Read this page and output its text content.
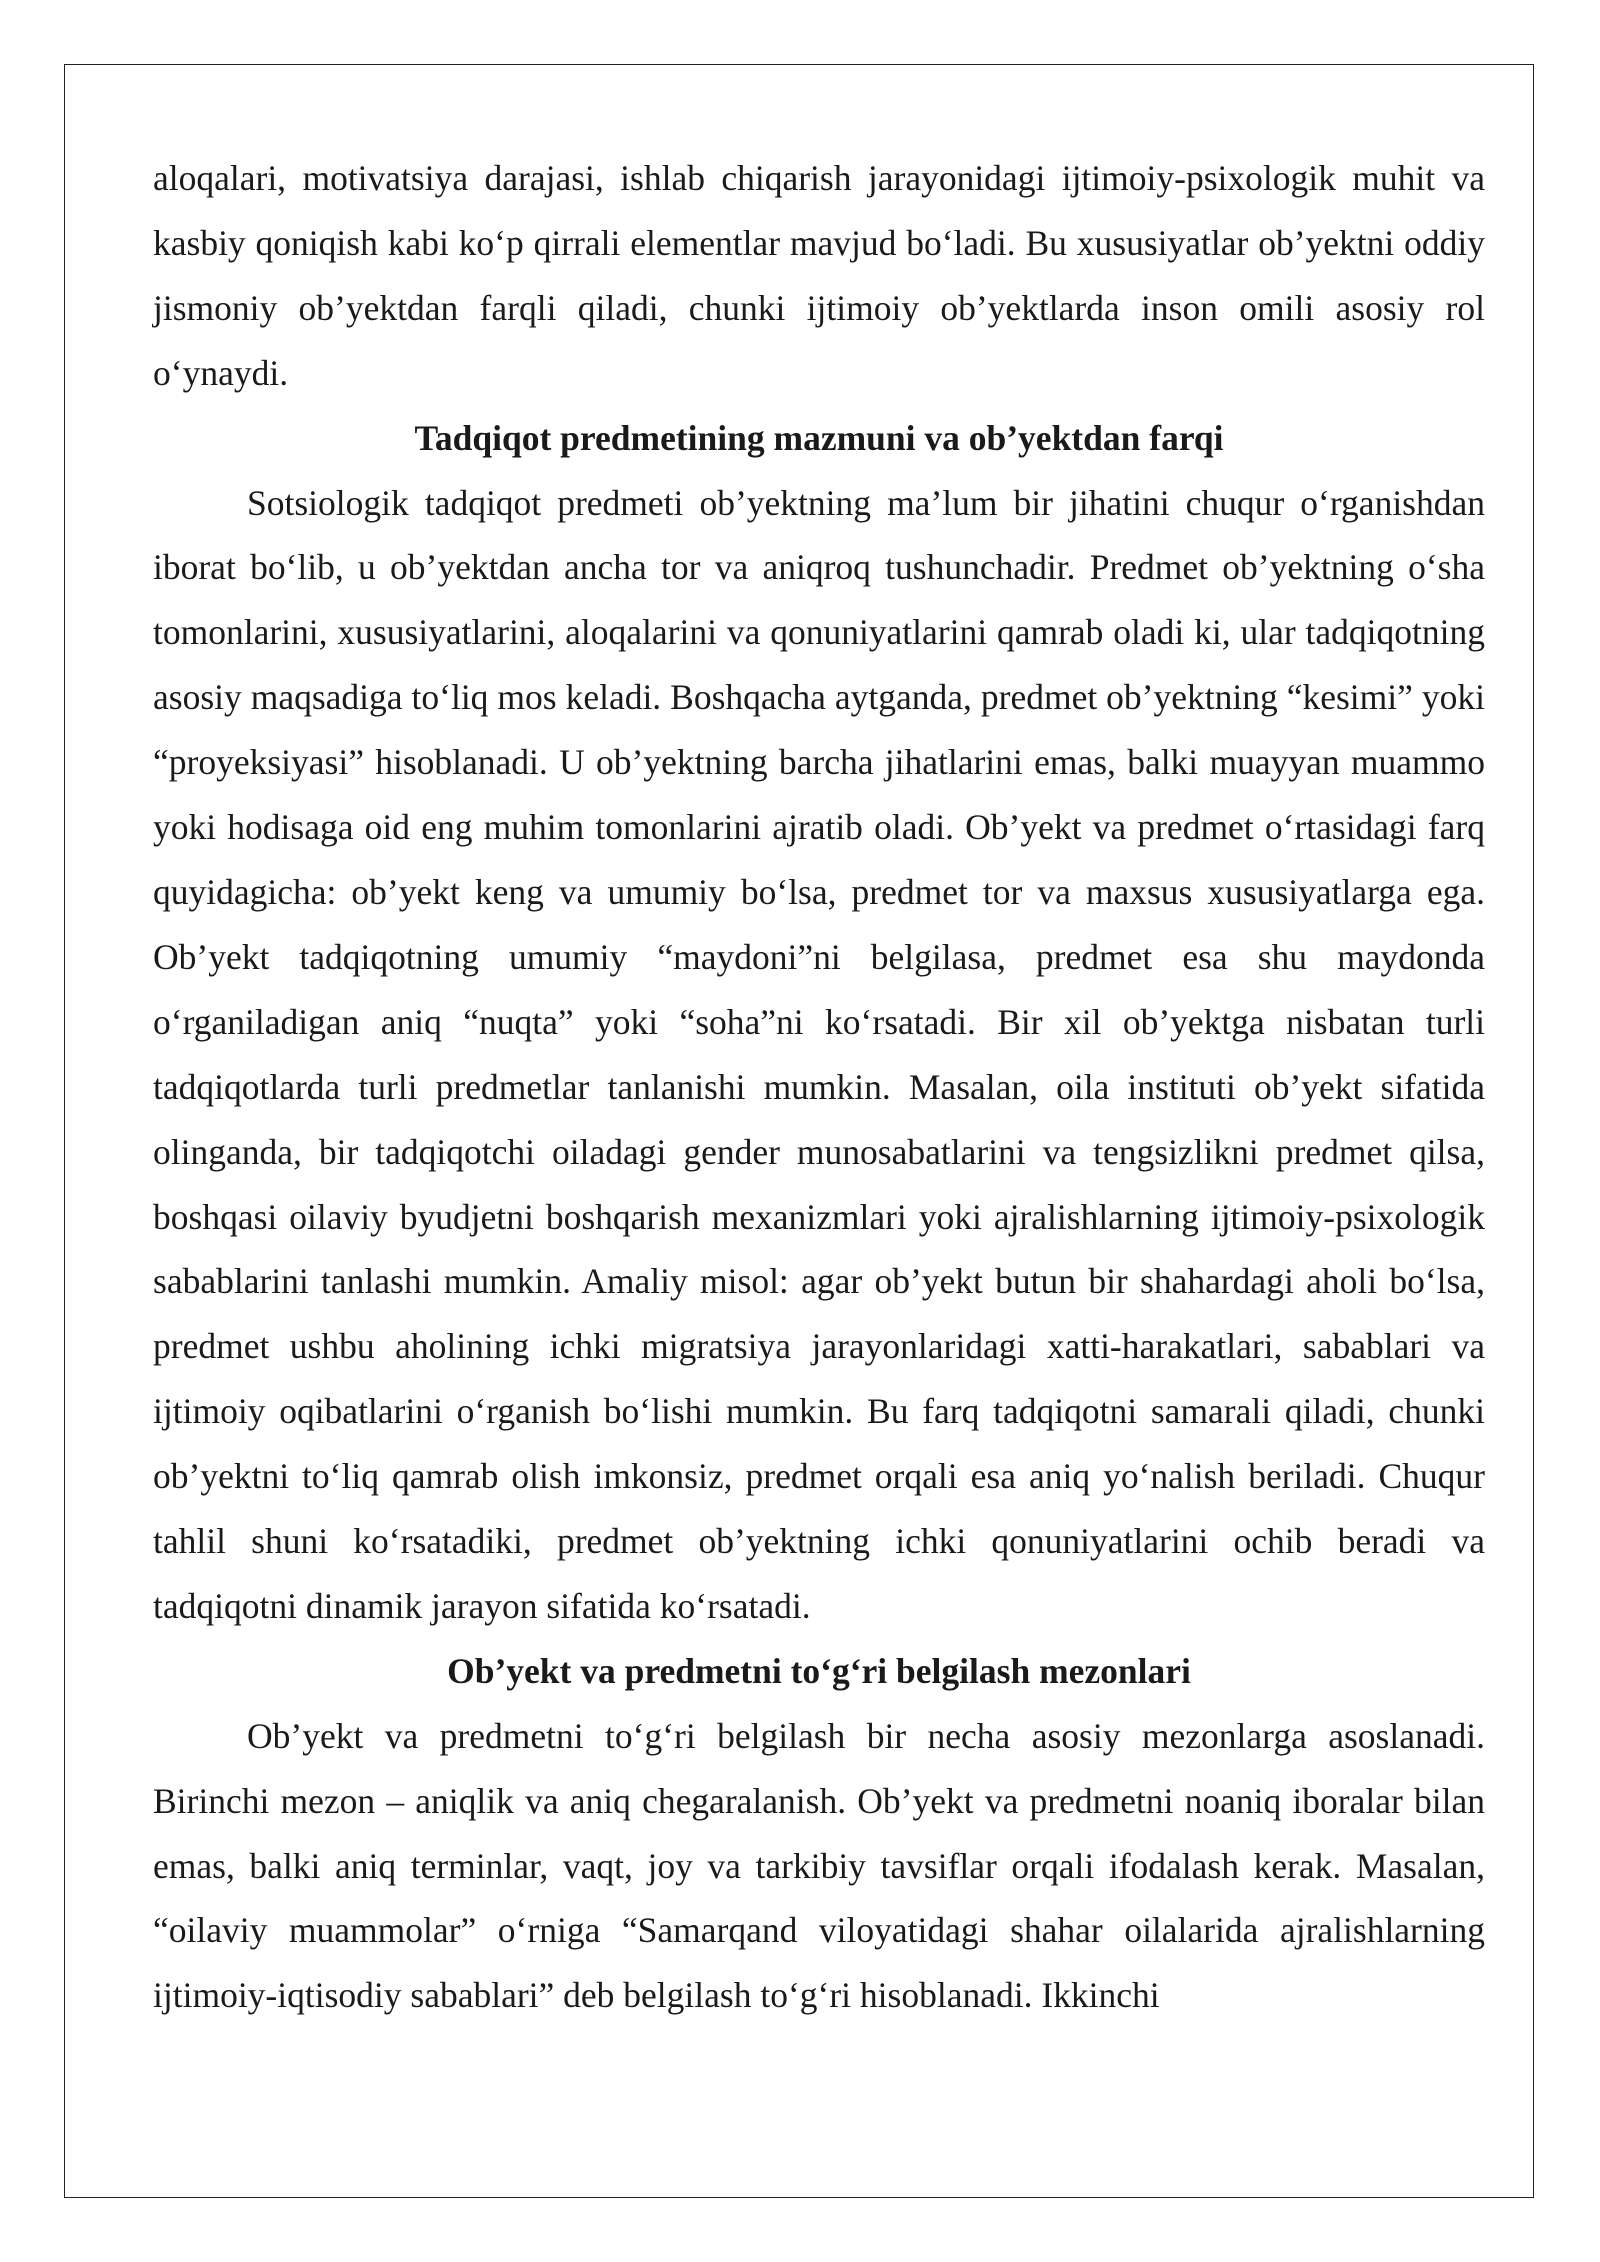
aloqalari, motivatsiya darajasi, ishlab chiqarish jarayonidagi ijtimoiy-psixologik muhit va kasbiy qoniqish kabi ko‘p qirrali elementlar mavjud bo‘ladi. Bu xususiyatlar ob’yektni oddiy jismoniy ob’yektdan farqli qiladi, chunki ijtimoiy ob’yektlarda inson omili asosiy rol o‘ynaydi.

Tadqiqot predmetining mazmuni va ob’yektdan farqi

Sotsiologik tadqiqot predmeti ob’yektning ma’lum bir jihatini chuqur o‘rganishdan iborat bo‘lib, u ob’yektdan ancha tor va aniqroq tushunchadir. Predmet ob’yektning o‘sha tomonlarini, xususiyatlarini, aloqalarini va qonuniyatlarini qamrab oladi ki, ular tadqiqotning asosiy maqsadiga to‘liq mos keladi. Boshqacha aytganda, predmet ob’yektning “kesimi” yoki “proyeksiyasi” hisoblanadi. U ob’yektning barcha jihatlarini emas, balki muayyan muammo yoki hodisaga oid eng muhim tomonlarini ajratib oladi. Ob’yekt va predmet o‘rtasidagi farq quyidagicha: ob’yekt keng va umumiy bo‘lsa, predmet tor va maxsus xususiyatlarga ega. Ob’yekt tadqiqotning umumiy “maydoni”ni belgilasa, predmet esa shu maydonda o‘rganiladigan aniq “nuqta” yoki “soha”ni ko‘rsatadi. Bir xil ob’yektga nisbatan turli tadqiqotlarda turli predmetlar tanlanishi mumkin. Masalan, oila instituti ob’yekt sifatida olinganda, bir tadqiqotchi oiladagi gender munosabatlarini va tengsizlikni predmet qilsa, boshqasi oilaviy byudjetni boshqarish mexanizmlari yoki ajralishlarning ijtimoiy-psixologik sabablarini tanlashi mumkin. Amaliy misol: agar ob’yekt butun bir shahardagi aholi bo‘lsa, predmet ushbu aholining ichki migratsiya jarayonlaridagi xatti-harakatlari, sabablari va ijtimoiy oqibatlarini o‘rganish bo‘lishi mumkin. Bu farq tadqiqotni samarali qiladi, chunki ob’yektni to‘liq qamrab olish imkonsiz, predmet orqali esa aniq yo‘nalish beriladi. Chuqur tahlil shuni ko‘rsatadiki, predmet ob’yektning ichki qonuniyatlarini ochib beradi va tadqiqotni dinamik jarayon sifatida ko‘rsatadi.

Ob’yekt va predmetni to‘g‘ri belgilash mezonlari

Ob’yekt va predmetni to‘g‘ri belgilash bir necha asosiy mezonlarga asoslanadi. Birinchi mezon – aniqlik va aniq chegaralanish. Ob’yekt va predmetni noaniq iboralar bilan emas, balki aniq terminlar, vaqt, joy va tarkibiy tavsiflar orqali ifodalash kerak. Masalan, “oilaviy muammolar” o‘rniga “Samarqand viloyatidagi shahar oilalarida ajralishlarning ijtimoiy-iqtisodiy sabablari” deb belgilash to‘g‘ri hisoblanadi. Ikkinchi
